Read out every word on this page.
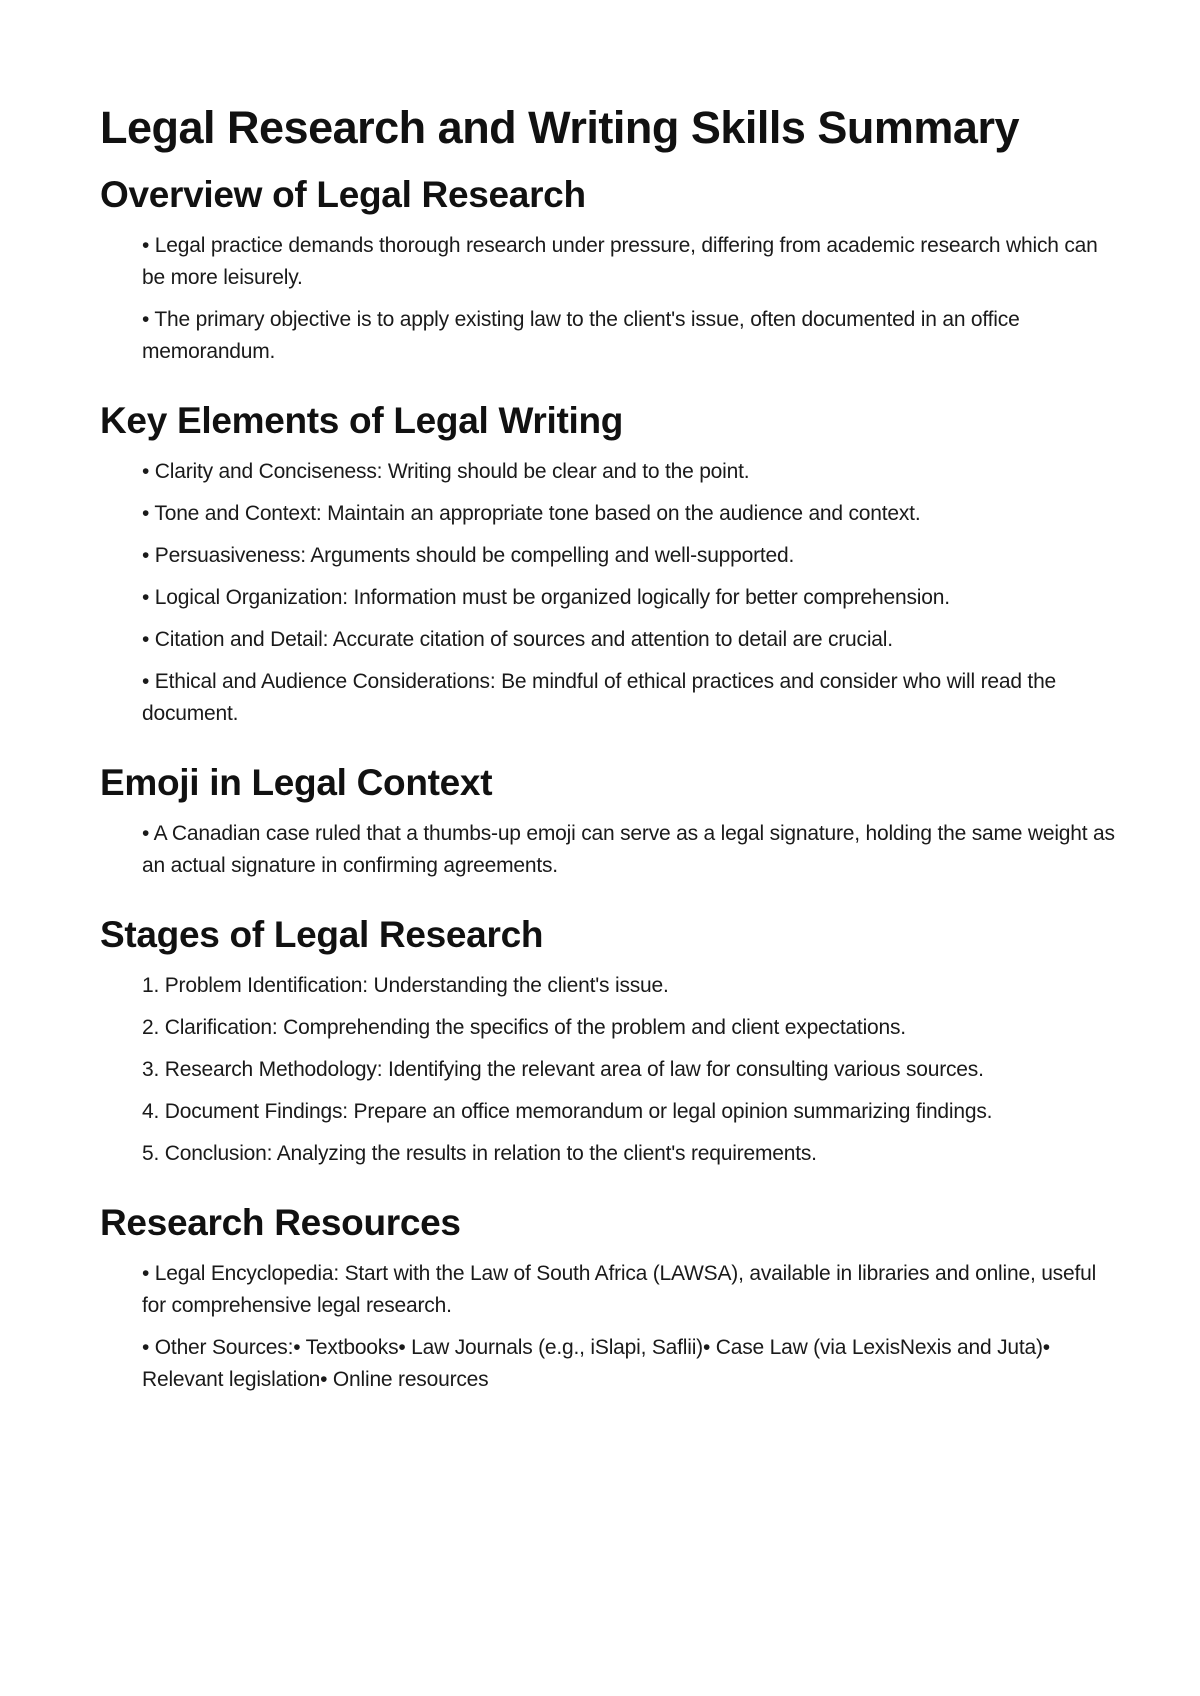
Legal Research and Writing Skills Summary
Overview of Legal Research
• Legal practice demands thorough research under pressure, differing from academic research which can be more leisurely.
• The primary objective is to apply existing law to the client's issue, often documented in an office memorandum.
Key Elements of Legal Writing
• Clarity and Conciseness: Writing should be clear and to the point.
• Tone and Context: Maintain an appropriate tone based on the audience and context.
• Persuasiveness: Arguments should be compelling and well-supported.
• Logical Organization: Information must be organized logically for better comprehension.
• Citation and Detail: Accurate citation of sources and attention to detail are crucial.
• Ethical and Audience Considerations: Be mindful of ethical practices and consider who will read the document.
Emoji in Legal Context
• A Canadian case ruled that a thumbs-up emoji can serve as a legal signature, holding the same weight as an actual signature in confirming agreements.
Stages of Legal Research
1. Problem Identification: Understanding the client's issue.
2. Clarification: Comprehending the specifics of the problem and client expectations.
3. Research Methodology: Identifying the relevant area of law for consulting various sources.
4. Document Findings: Prepare an office memorandum or legal opinion summarizing findings.
5. Conclusion: Analyzing the results in relation to the client's requirements.
Research Resources
• Legal Encyclopedia: Start with the Law of South Africa (LAWSA), available in libraries and online, useful for comprehensive legal research.
• Other Sources:• Textbooks• Law Journals (e.g., iSlapi, Saflii)• Case Law (via LexisNexis and Juta)• Relevant legislation• Online resources
